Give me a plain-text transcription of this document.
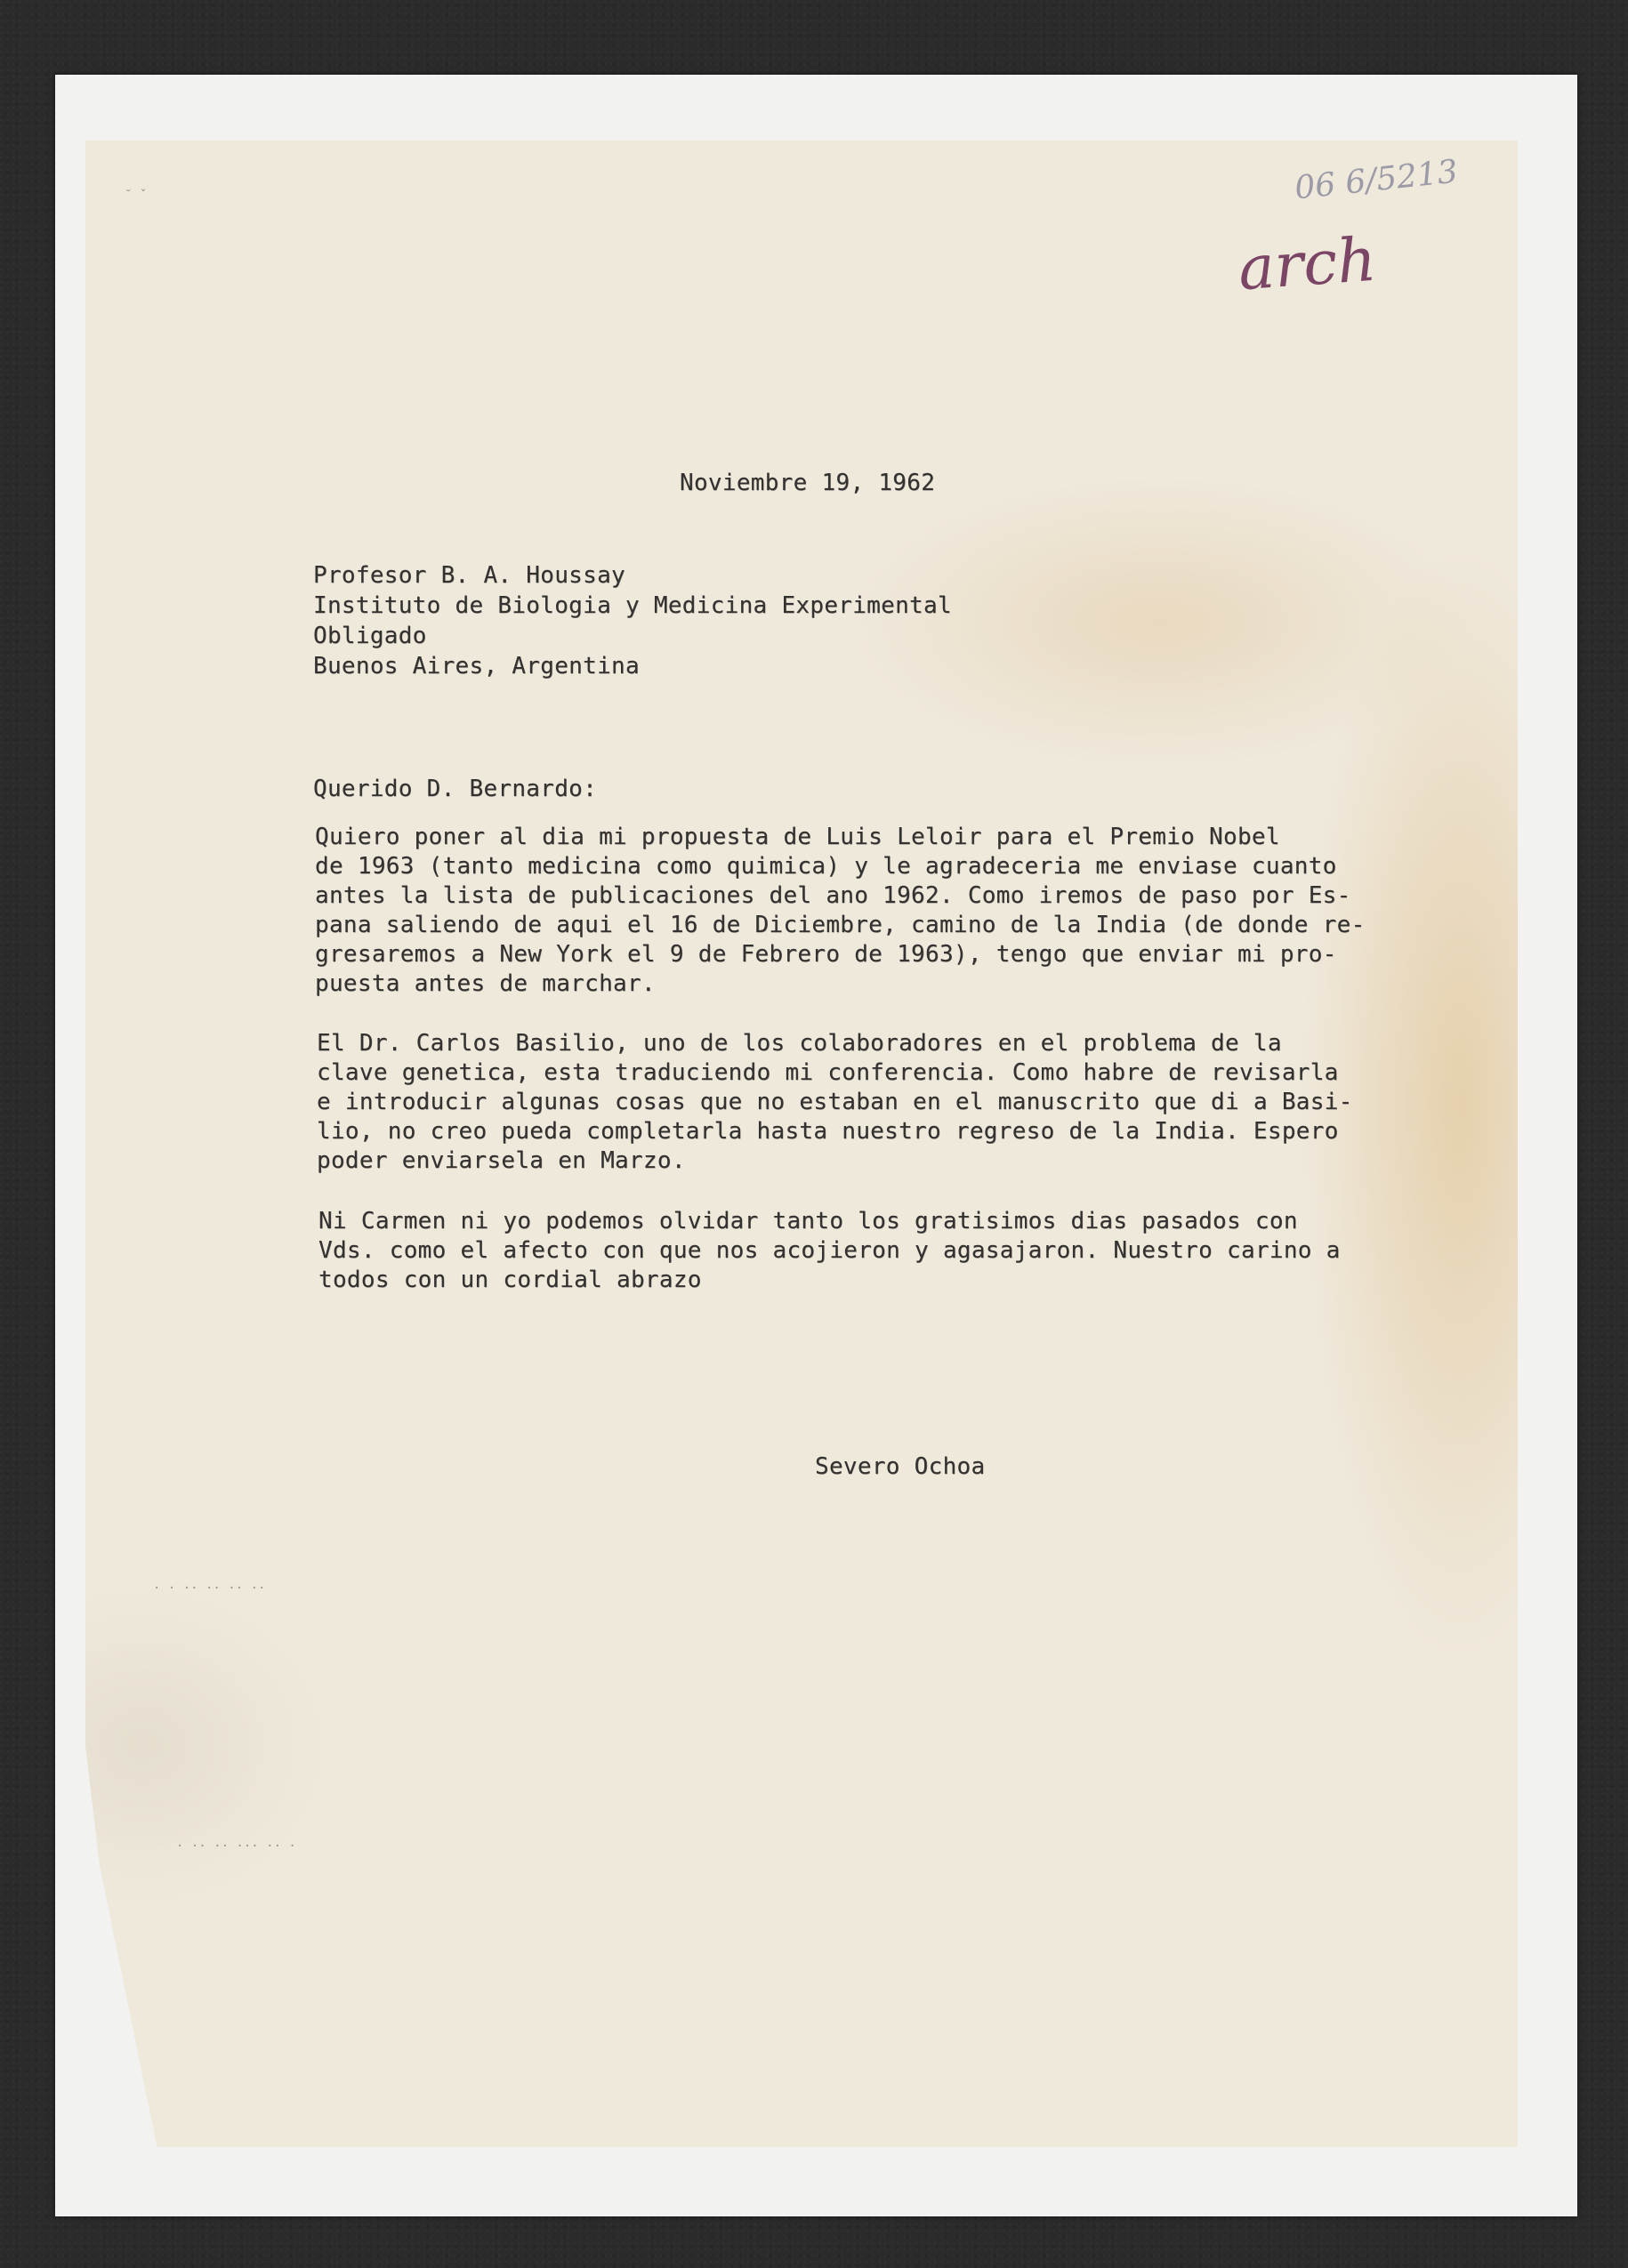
06 6/5213
arch
˘ ˇ
· · ·· ·· ·· ··
· ·· ·· ··· ·· ·
Noviembre 19, 1962
Profesor B. A. Houssay
Instituto de Biologia y Medicina Experimental
Obligado
Buenos Aires, Argentina
Querido D. Bernardo:
Quiero poner al dia mi propuesta de Luis Leloir para el Premio Nobel
de 1963 (tanto medicina como quimica) y le agradeceria me enviase cuanto
antes la lista de publicaciones del ano 1962. Como iremos de paso por Es-
pana saliendo de aqui el 16 de Diciembre, camino de la India (de donde re-
gresaremos a New York el 9 de Febrero de 1963), tengo que enviar mi pro-
puesta antes de marchar.
El Dr. Carlos Basilio, uno de los colaboradores en el problema de la
clave genetica, esta traduciendo mi conferencia. Como habre de revisarla
e introducir algunas cosas que no estaban en el manuscrito que di a Basi-
lio, no creo pueda completarla hasta nuestro regreso de la India. Espero
poder enviarsela en Marzo.
Ni Carmen ni yo podemos olvidar tanto los gratisimos dias pasados con
Vds. como el afecto con que nos acojieron y agasajaron. Nuestro carino a
todos con un cordial abrazo
Severo Ochoa
